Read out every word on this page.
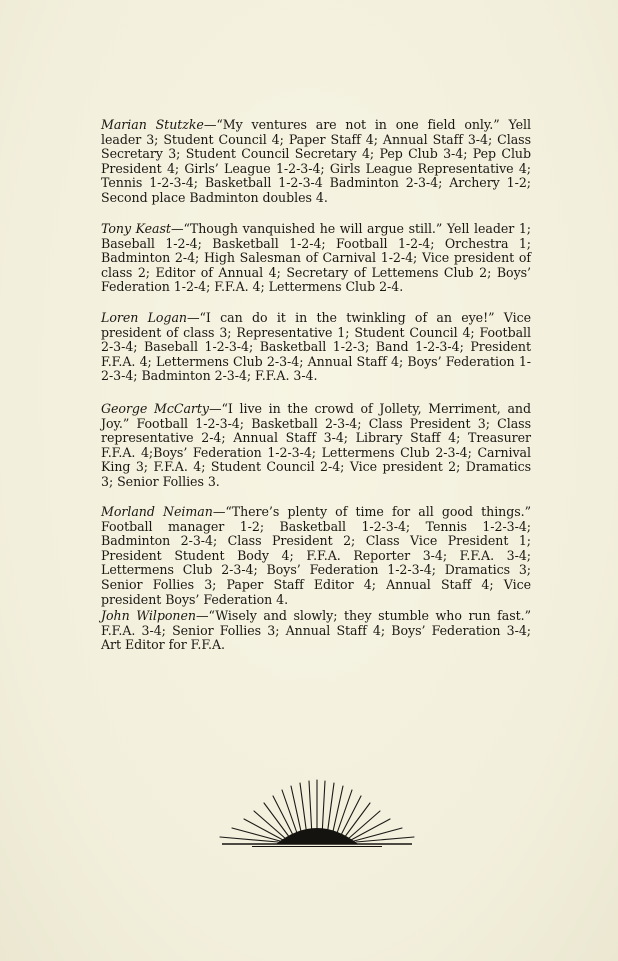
Marian Stutzke—“My ventures are not in one field only.” Yell leader 3; Student Council 4; Paper Staff 4; Annual Staff 3-4; Class Secretary 3; Student Council Secretary 4; Pep Club 3-4; Pep Club President 4; Girls’ League 1-2-3-4; Girls League Representative 4; Tennis 1-2-3-4; Basketball 1-2-3-4 Badminton 2-3-4; Archery 1-2; Second place Badminton doubles 4.
Tony Keast—“Though vanquished he will argue still.” Yell leader 1; Baseball 1-2-4; Basketball 1-2-4; Football 1-2-4; Orchestra 1; Badminton 2-4; High Salesman of Carnival 1-2-4; Vice president of class 2; Editor of Annual 4; Secretary of Lettemens Club 2; Boys’ Federation 1-2-4; F.F.A. 4; Lettermens Club 2-4.
Loren Logan—“I can do it in the twinkling of an eye!” Vice president of class 3; Representative 1; Student Council 4; Football 2-3-4; Baseball 1-2-3-4; Basketball 1-2-3; Band 1-2-3-4; President F.F.A. 4; Lettermens Club 2-3-4; Annual Staff 4; Boys’ Federation 1-2-3-4; Badminton 2-3-4; F.F.A. 3-4.
George McCarty—“I live in the crowd of Jollety, Merriment, and Joy.” Football 1-2-3-4; Basketball 2-3-4; Class President 3; Class representative 2-4; Annual Staff 3-4; Library Staff 4; Treasurer F.F.A. 4;Boys’ Federation 1-2-3-4; Lettermens Club 2-3-4; Carnival King 3; F.F.A. 4; Student Council 2-4; Vice president 2; Dramatics 3; Senior Follies 3.
Morland Neiman—“There’s plenty of time for all good things.” Football manager 1-2; Basketball 1-2-3-4; Tennis 1-2-3-4; Badminton 2-3-4; Class President 2; Class Vice President 1; President Student Body 4; F.F.A. Reporter 3-4; F.F.A. 3-4; Lettermens Club 2-3-4; Boys’ Federation 1-2-3-4; Dramatics 3; Senior Follies 3; Paper Staff Editor 4; Annual Staff 4; Vice president Boys’ Federation 4.
John Wilponen—“Wisely and slowly; they stumble who run fast.” F.F.A. 3-4; Senior Follies 3; Annual Staff 4; Boys’ Federation 3-4; Art Editor for F.F.A.
